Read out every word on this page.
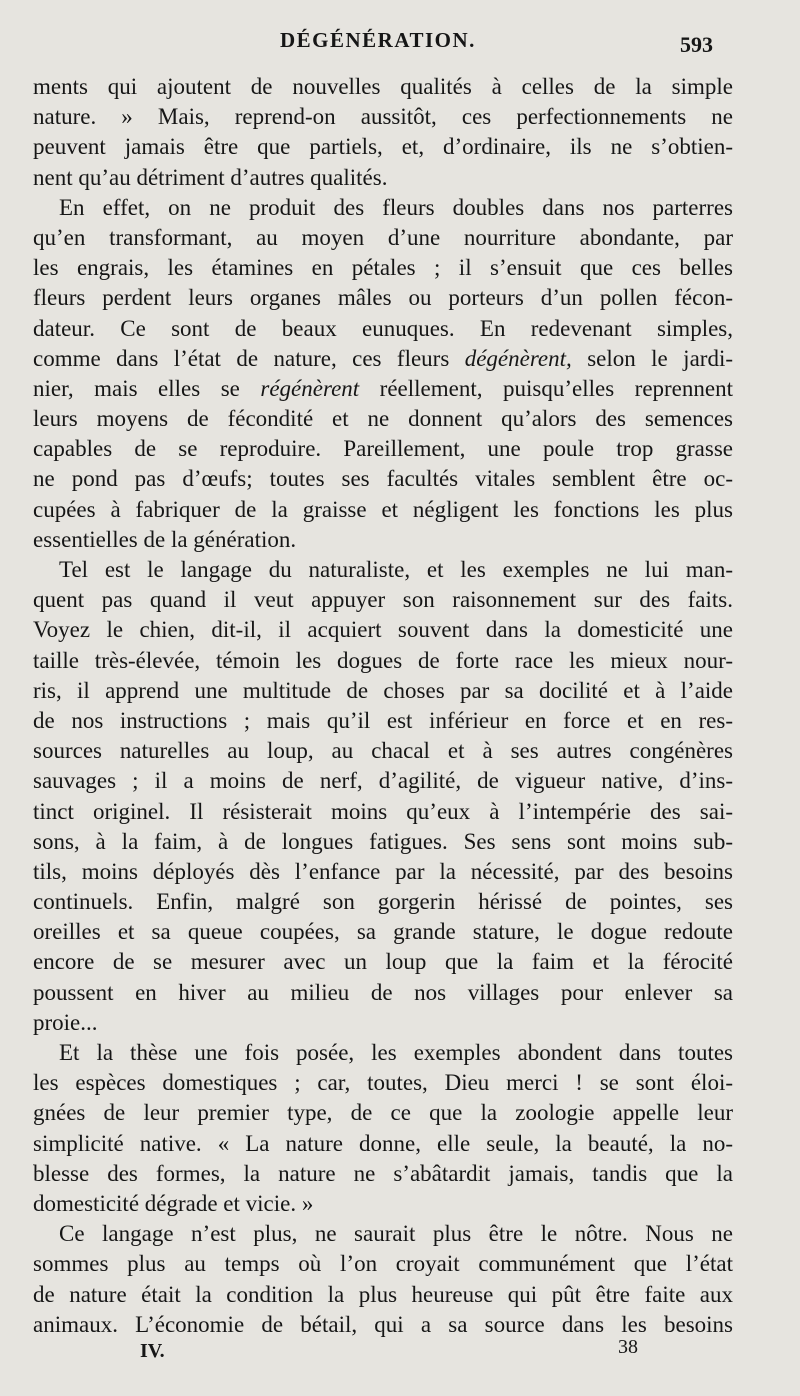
DÉGÉNÉRATION.	593
ments qui ajoutent de nouvelles qualités à celles de la simple
nature. » Mais, reprend-on aussitôt, ces perfectionnements ne
peuvent jamais être que partiels, et, d’ordinaire, ils ne s’obtien-
nent qu’au détriment d’autres qualités.
En effet, on ne produit des fleurs doubles dans nos parterres
qu’en transformant, au moyen d’une nourriture abondante, par
les engrais, les étamines en pétales ; il s’ensuit que ces belles
fleurs perdent leurs organes mâles ou porteurs d’un pollen fécon-
dateur. Ce sont de beaux eunuques. En redevenant simples,
comme dans l’état de nature, ces fleurs dégénèrent, selon le jardi-
nier, mais elles se régénèrent réellement, puisqu’elles reprennent
leurs moyens de fécondité et ne donnent qu’alors des semences
capables de se reproduire. Pareillement, une poule trop grasse
ne pond pas d’œufs; toutes ses facultés vitales semblent être oc-
cupées à fabriquer de la graisse et négligent les fonctions les plus
essentielles de la génération.
Tel est le langage du naturaliste, et les exemples ne lui man-
quent pas quand il veut appuyer son raisonnement sur des faits.
Voyez le chien, dit-il, il acquiert souvent dans la domesticité une
taille très-élevée, témoin les dogues de forte race les mieux nour-
ris, il apprend une multitude de choses par sa docilité et à l’aide
de nos instructions ; mais qu’il est inférieur en force et en res-
sources naturelles au loup, au chacal et à ses autres congénères
sauvages ; il a moins de nerf, d’agilité, de vigueur native, d’ins-
tinct originel. Il résisterait moins qu’eux à l’intempérie des sai-
sons, à la faim, à de longues fatigues. Ses sens sont moins sub-
tils, moins déployés dès l’enfance par la nécessité, par des besoins
continuels. Enfin, malgré son gorgerin hérissé de pointes, ses
oreilles et sa queue coupées, sa grande stature, le dogue redoute
encore de se mesurer avec un loup que la faim et la férocité
poussent en hiver au milieu de nos villages pour enlever sa
proie...
Et la thèse une fois posée, les exemples abondent dans toutes
les espèces domestiques ; car, toutes, Dieu merci ! se sont éloi-
gnées de leur premier type, de ce que la zoologie appelle leur
simplicité native. « La nature donne, elle seule, la beauté, la no-
blesse des formes, la nature ne s’abâtardit jamais, tandis que la
domesticité dégrade et vicie. »
Ce langage n’est plus, ne saurait plus être le nôtre. Nous ne
sommes plus au temps où l’on croyait communément que l’état
de nature était la condition la plus heureuse qui pût être faite aux
animaux. L’économie de bétail, qui a sa source dans les besoins
IV.	38
